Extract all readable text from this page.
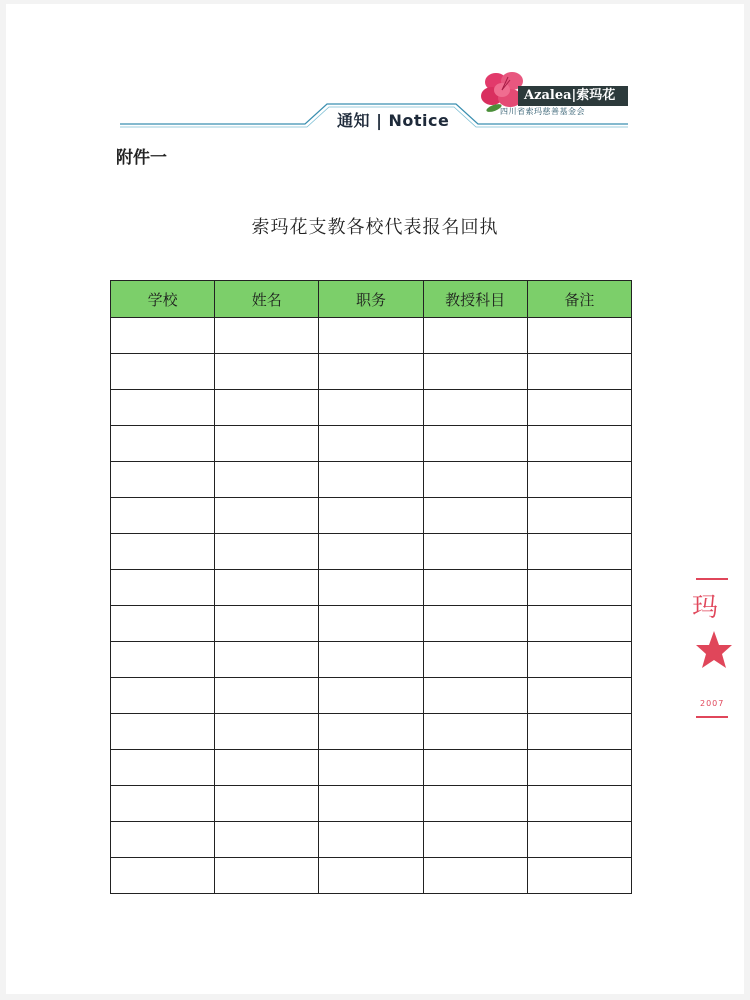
通知 | Notice
Azalea|索玛花
四川省索玛慈善基金会
附件一
索玛花支教各校代表报名回执
学校	姓名	职务	教授科目	备注

玛
2007
